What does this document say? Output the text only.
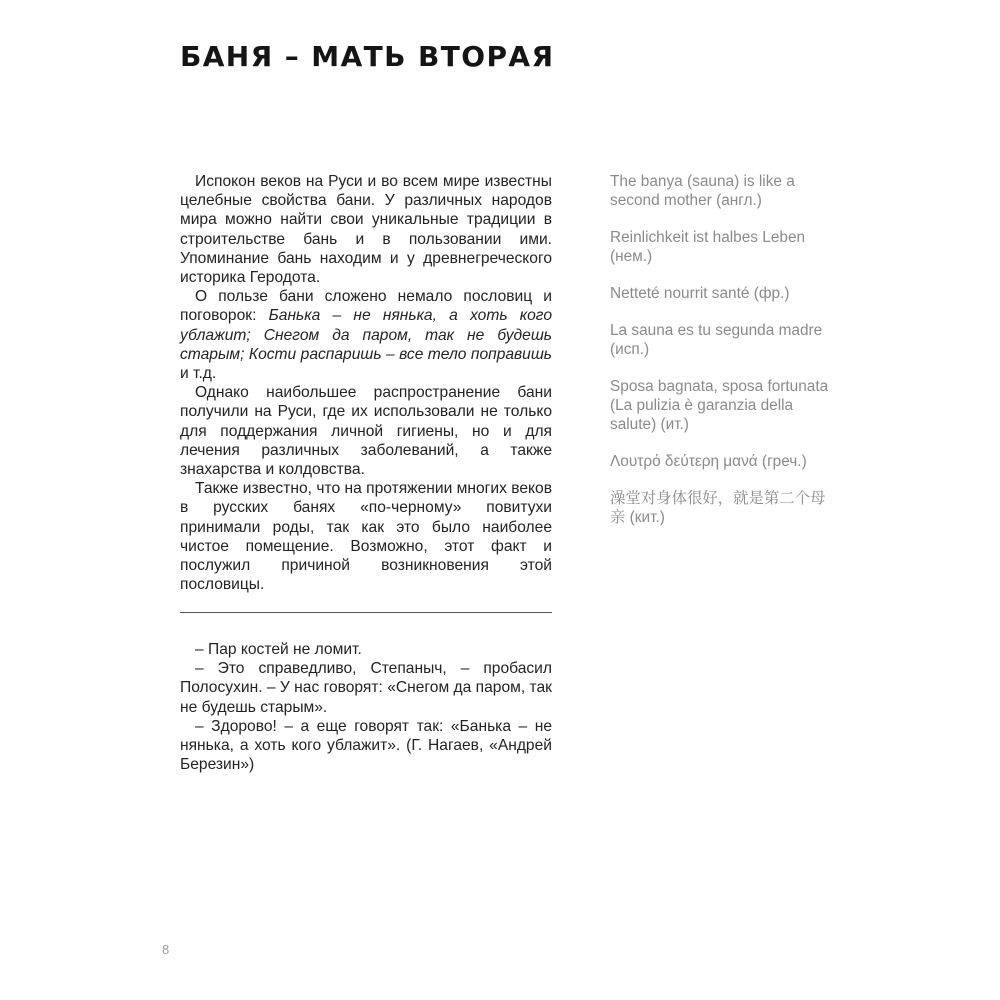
БАНЯ – МАТЬ ВТОРАЯ

Испокон веков на Руси и во всем мире известны целебные свойства бани. У различных народов мира можно найти свои уникальные традиции в строительстве бань и в пользовании ими. Упоминание бань находим и у древнегреческого историка Геродота.

О пользе бани сложено немало пословиц и поговорок: Банька – не нянька, а хоть кого ублажит; Снегом да паром, так не будешь старым; Кости распаришь – все тело поправишь и т.д.

Однако наибольшее распространение бани получили на Руси, где их использовали не только для поддержания личной гигиены, но и для лечения различных заболеваний, а также знахарства и колдовства.

Также известно, что на протяжении многих веков в русских банях «по-черному» повитухи принимали роды, так как это было наиболее чистое помещение. Возможно, этот факт и послужил причиной возникновения этой пословицы.

– Пар костей не ломит.

– Это справедливо, Степаныч, – пробасил Полосухин. – У нас говорят: «Снегом да паром, так не будешь старым».

– Здорово! – а еще говорят так: «Банька – не нянька, а хоть кого ублажит». (Г. Нагаев, «Андрей Березин»)

The banya (sauna) is like a second mother (англ.)

Reinlichkeit ist halbes Leben (нем.)

Netteté nourrit santé (фр.)

La sauna es tu segunda madre (исп.)

Sposa bagnata, sposa fortunata (La pulizia è garanzia della salute) (ит.)

Λουτρό δεύτερη μανά (греч.)

澡堂对身体很好，就是第二个母亲 (кит.)

8
